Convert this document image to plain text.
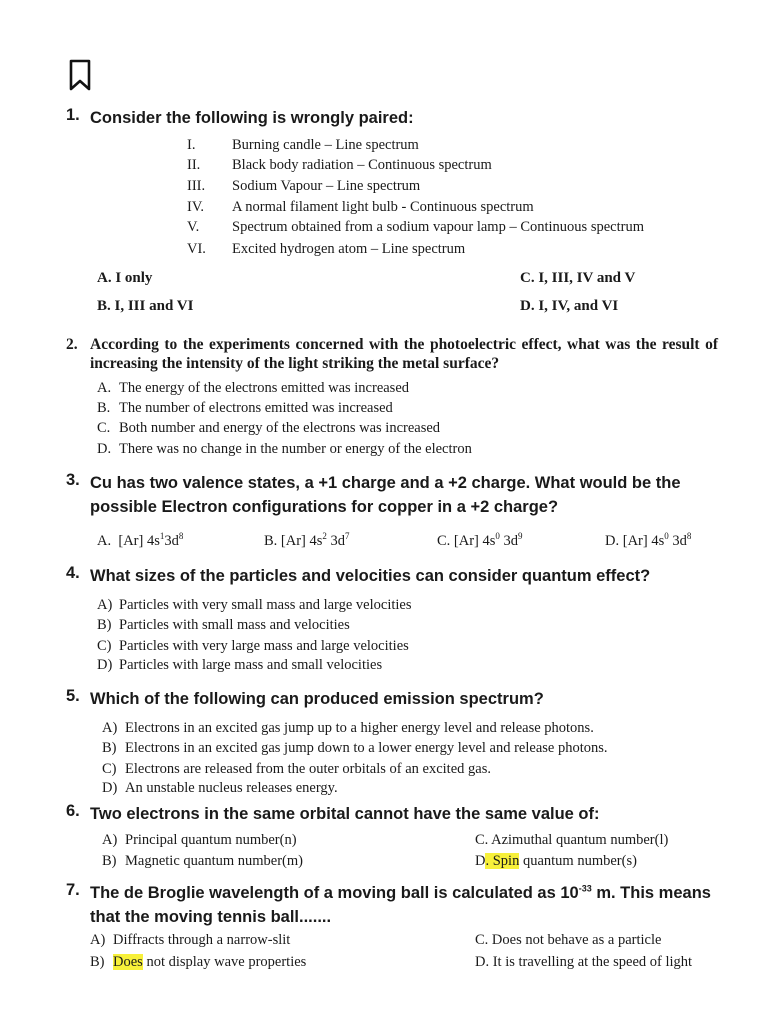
1. Consider the following is wrongly paired:
I.	Burning candle – Line spectrum
II. Black body radiation – Continuous spectrum
III. Sodium Vapour – Line spectrum
IV. A normal filament light bulb - Continuous spectrum
V. Spectrum obtained from a sodium vapour lamp – Continuous spectrum
VI. Excited hydrogen atom – Line spectrum
A. I only	C. I, III, IV and V
B. I, III and VI	D. I, IV, and VI
2. According to the experiments concerned with the photoelectric effect, what was the result of increasing the intensity of the light striking the metal surface?
A. The energy of the electrons emitted was increased
B. The number of electrons emitted was increased
C. Both number and energy of the electrons was increased
D. There was no change in the number or energy of the electron
3. Cu has two valence states, a +1 charge and a +2 charge. What would be the possible Electron configurations for copper in a +2 charge?
A. [Ar] $4s^13d^8$	B. [Ar] $4s^2$ $3d^7$	C. [Ar] $4s^0$ $3d^9$	D. [Ar] $4s^0$ $3d^8$
4. What sizes of the particles and velocities can consider quantum effect?
A) Particles with very small mass and large velocities
B) Particles with small mass and velocities
C) Particles with very large mass and large velocities
D) Particles with large mass and small velocities
5. Which of the following can produced emission spectrum?
A) Electrons in an excited gas jump up to a higher energy level and release photons.
B) Electrons in an excited gas jump down to a lower energy level and release photons.
C) Electrons are released from the outer orbitals of an excited gas.
D) An unstable nucleus releases energy.
6. Two electrons in the same orbital cannot have the same value of:
A) Principal quantum number(n)	C. Azimuthal quantum number(l)
B) Magnetic quantum number(m)	D. Spin quantum number(s)
7. The de Broglie wavelength of a moving ball is calculated as $10^{-33}$ m. This means that the moving tennis ball.......
A) Diffracts through a narrow-slit	C. Does not behave as a particle
B) Does not display wave properties	D. It is travelling at the speed of light
